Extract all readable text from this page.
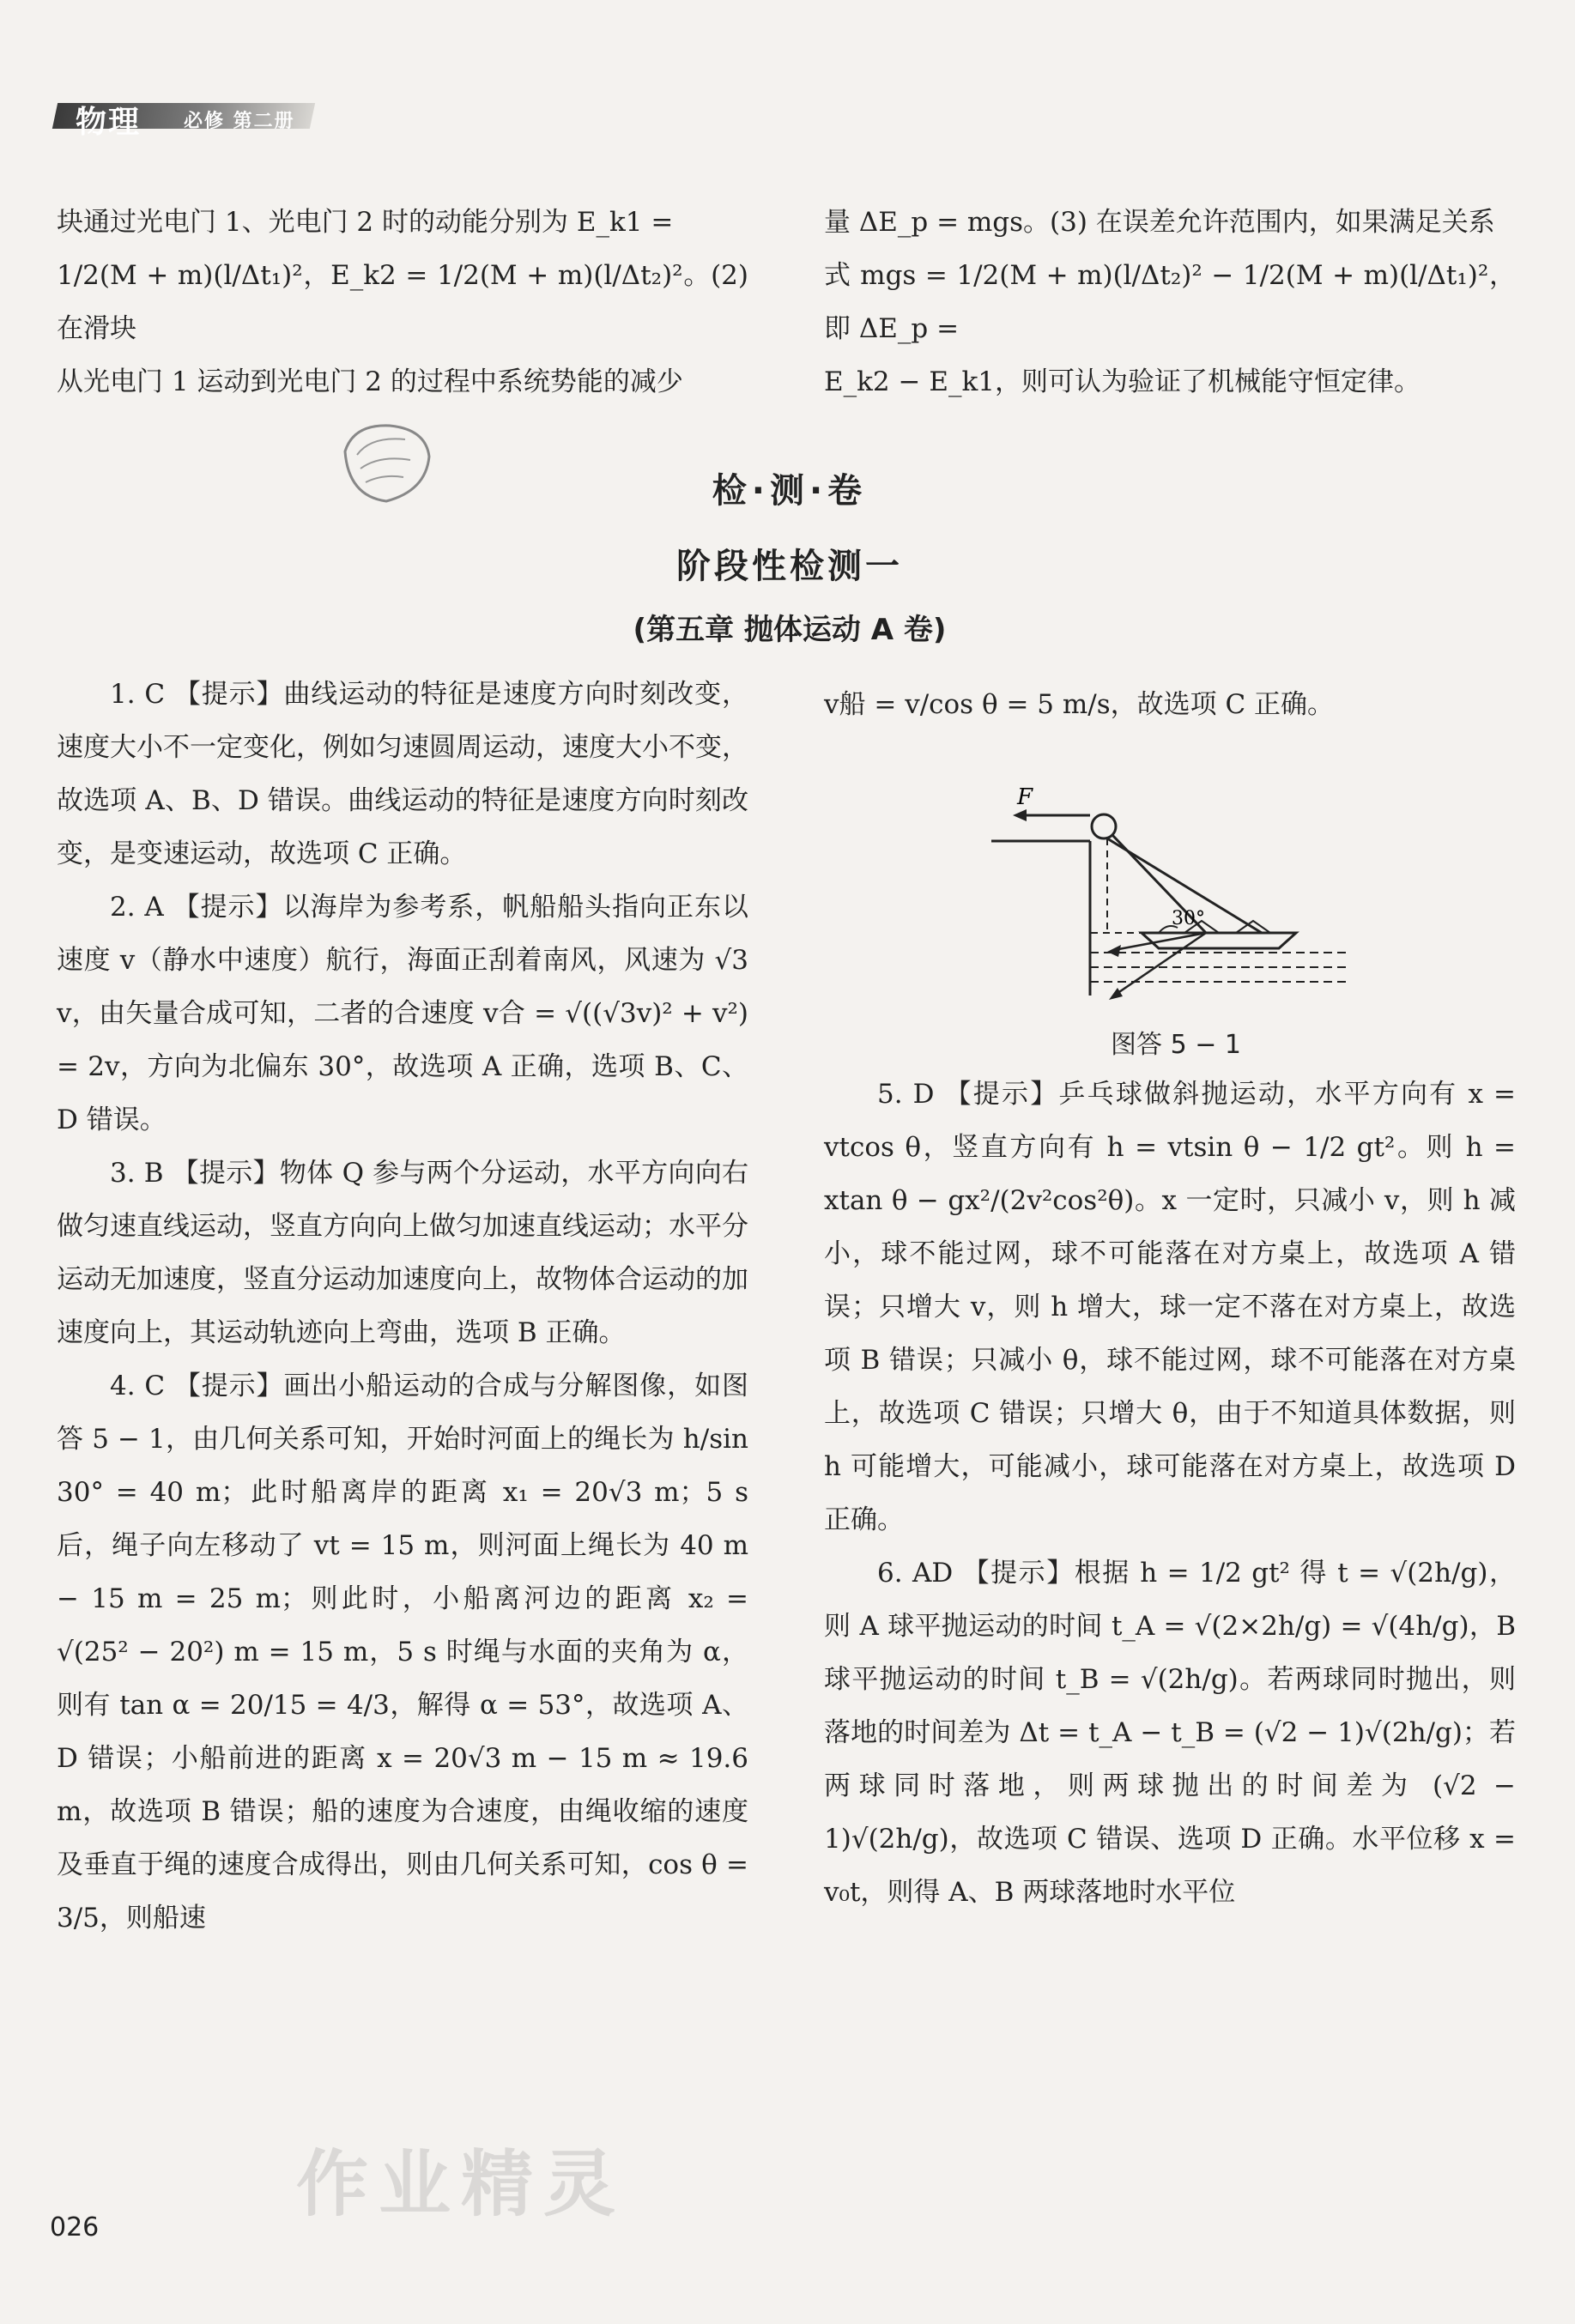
物理 必修 第二册

块通过光电门 1、光电门 2 时的动能分别为 E_k1 =

1/2(M + m)(l/Δt₁)²，E_k2 = 1/2(M + m)(l/Δt₂)²。(2) 在滑块

从光电门 1 运动到光电门 2 的过程中系统势能的减少

量 ΔE_p = mgs。(3) 在误差允许范围内，如果满足关系

式 mgs = 1/2(M + m)(l/Δt₂)² − 1/2(M + m)(l/Δt₁)²，即 ΔE_p =

E_k2 − E_k1，则可认为验证了机械能守恒定律。

检·测·卷
阶段性检测一
(第五章 抛体运动 A 卷)

1. C 【提示】曲线运动的特征是速度方向时刻改变，速度大小不一定变化，例如匀速圆周运动，速度大小不变，故选项 A、B、D 错误。曲线运动的特征是速度方向时刻改变，是变速运动，故选项 C 正确。

2. A 【提示】以海岸为参考系，帆船船头指向正东以速度 v（静水中速度）航行，海面正刮着南风，风速为 √3 v，由矢量合成可知，二者的合速度 v合 = √((√3v)² + v²) = 2v，方向为北偏东 30°，故选项 A 正确，选项 B、C、D 错误。

3. B 【提示】物体 Q 参与两个分运动，水平方向向右做匀速直线运动，竖直方向向上做匀加速直线运动；水平分运动无加速度，竖直分运动加速度向上，故物体合运动的加速度向上，其运动轨迹向上弯曲，选项 B 正确。

4. C 【提示】画出小船运动的合成与分解图像，如图答 5 − 1，由几何关系可知，开始时河面上的绳长为 h/sin 30° = 40 m；此时船离岸的距离 x₁ = 20√3 m；5 s 后，绳子向左移动了 vt = 15 m，则河面上绳长为 40 m − 15 m = 25 m；则此时，小船离河边的距离 x₂ = √(25² − 20²) m = 15 m，5 s 时绳与水面的夹角为 α，则有 tan α = 20/15 = 4/3，解得 α = 53°，故选项 A、D 错误；小船前进的距离 x = 20√3 m − 15 m ≈ 19.6 m，故选项 B 错误；船的速度为合速度，由绳收缩的速度及垂直于绳的速度合成得出，则由几何关系可知，cos θ = 3/5，则船速

v船 = v/cos θ = 5 m/s，故选项 C 正确。

F
30°
图答 5 − 1

5. D 【提示】乒乓球做斜抛运动，水平方向有 x = vtcos θ，竖直方向有 h = vtsin θ − 1/2 gt²。则 h = xtan θ − gx²/(2v²cos²θ)。x 一定时，只减小 v，则 h 减小，球不能过网，球不可能落在对方桌上，故选项 A 错误；只增大 v，则 h 增大，球一定不落在对方桌上，故选项 B 错误；只减小 θ，球不能过网，球不可能落在对方桌上，故选项 C 错误；只增大 θ，由于不知道具体数据，则 h 可能增大，可能减小，球可能落在对方桌上，故选项 D 正确。

6. AD 【提示】根据 h = 1/2 gt² 得 t = √(2h/g)，则 A 球平抛运动的时间 t_A = √(2×2h/g) = √(4h/g)，B 球平抛运动的时间 t_B = √(2h/g)。若两球同时抛出，则落地的时间差为 Δt = t_A − t_B = (√2 − 1)√(2h/g)；若两球同时落地，则两球抛出的时间差为 (√2 − 1)√(2h/g)，故选项 C 错误、选项 D 正确。水平位移 x = v₀t，则得 A、B 两球落地时水平位

作业精灵
026
